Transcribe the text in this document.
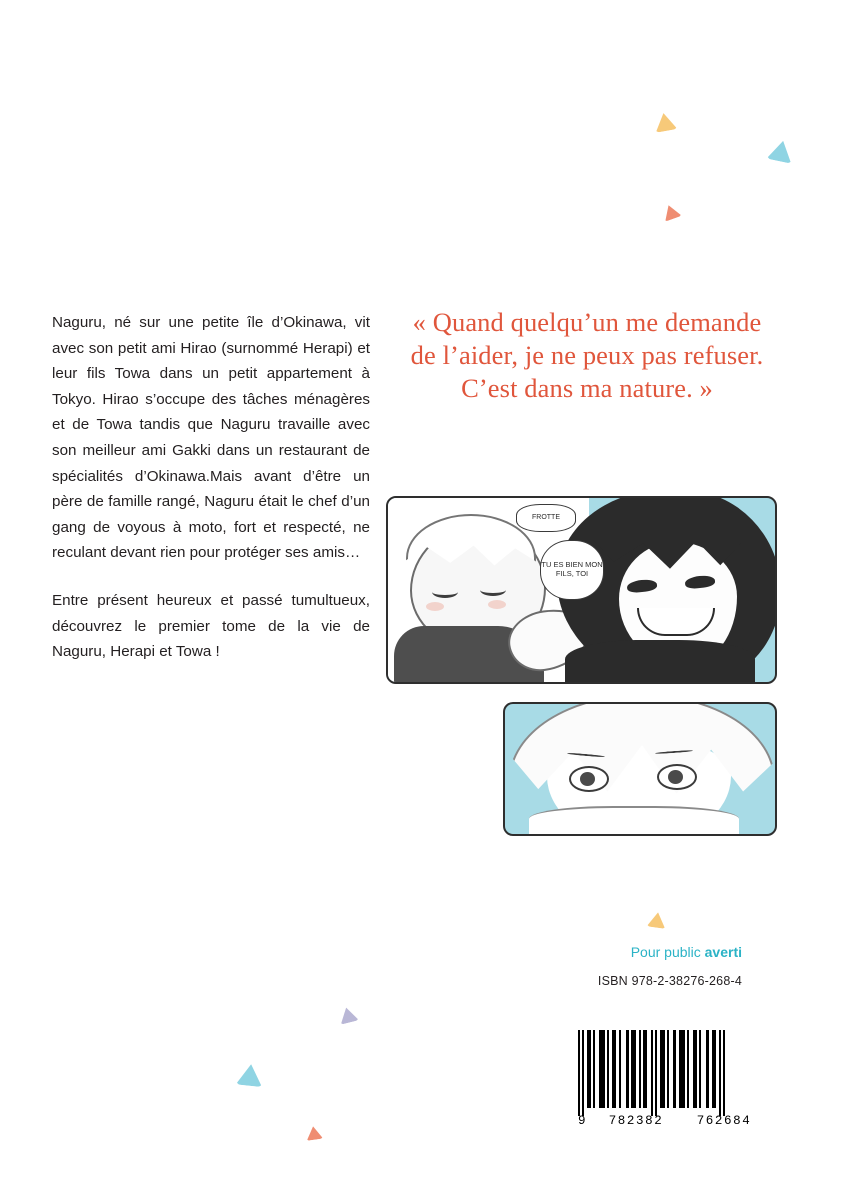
Naguru, né sur une petite île d’Okinawa, vit avec son petit ami Hirao (surnommé Herapi) et leur fils Towa dans un petit appartement à Tokyo. Hirao s’occupe des tâches ménagères et de Towa tandis que Naguru travaille avec son meilleur ami Gakki dans un restaurant de spécialités d’Okinawa.Mais avant d’être un père de famille rangé, Naguru était le chef d’un gang de voyous à moto, fort et respecté, ne reculant devant rien pour protéger ses amis…

Entre présent heureux et passé tumultueux, découvrez le premier tome de la vie de Naguru, Herapi et Towa !

« Quand quelqu’un me demande de l’aider, je ne peux pas refuser. C’est dans ma nature. »
FROTTE
TU ES BIEN MON FILS, TOI
Pour public averti
ISBN 978-2-38276-268-4
9	782382	762684
